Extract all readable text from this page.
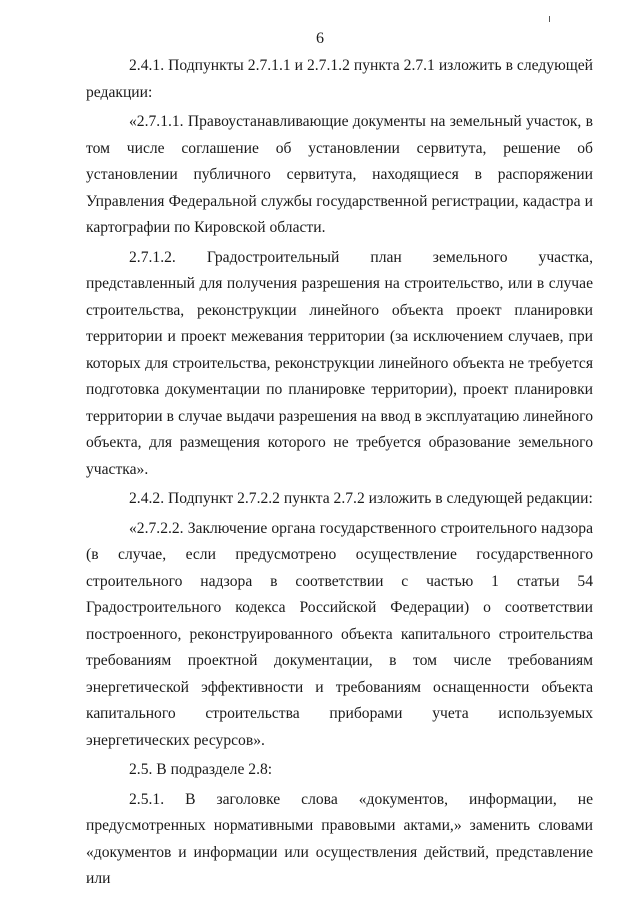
6

2.4.1. Подпункты 2.7.1.1 и 2.7.1.2 пункта 2.7.1 изложить в следующей редакции:

«2.7.1.1. Правоустанавливающие документы на земельный участок, в том числе соглашение об установлении сервитута, решение об установлении публичного сервитута, находящиеся в распоряжении Управления Федеральной службы государственной регистрации, кадастра и картографии по Кировской области.

2.7.1.2. Градостроительный план земельного участка, представленный для получения разрешения на строительство, или в случае строительства, реконструкции линейного объекта проект планировки территории и проект межевания территории (за исключением случаев, при которых для строительства, реконструкции линейного объекта не требуется подготовка документации по планировке территории), проект планировки территории в случае выдачи разрешения на ввод в эксплуатацию линейного объекта, для размещения которого не требуется образование земельного участка».

2.4.2. Подпункт 2.7.2.2 пункта 2.7.2 изложить в следующей редакции:

«2.7.2.2. Заключение органа государственного строительного надзора (в случае, если предусмотрено осуществление государственного строительного надзора в соответствии с частью 1 статьи 54 Градостроительного кодекса Российской Федерации) о соответствии построенного, реконструированного объекта капитального строительства требованиям проектной документации, в том числе требованиям энергетической эффективности и требованиям оснащенности объекта капитального строительства приборами учета используемых энергетических ресурсов».

2.5. В подразделе 2.8:

2.5.1. В заголовке слова «документов, информации, не предусмотренных нормативными правовыми актами,» заменить словами «документов и информации или осуществления действий, представление или
